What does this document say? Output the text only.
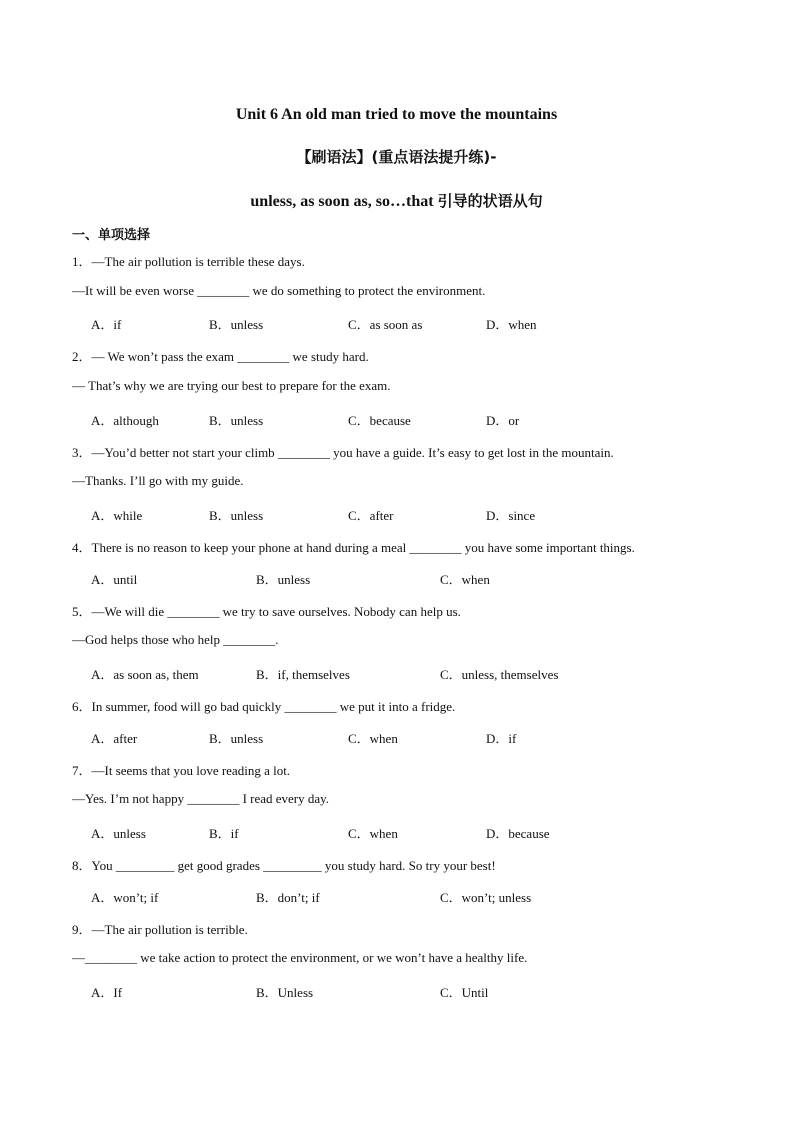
Unit 6 An old man tried to move the mountains
【刷语法】(重点语法提升练)-
unless, as soon as, so…that 引导的状语从句
一、单项选择
1．—The air pollution is terrible these days.
—It will be even worse ________ we do something to protect the environment.
A．if	B．unless	C．as soon as	D．when
2．— We won’t pass the exam ________ we study hard.
— That’s why we are trying our best to prepare for the exam.
A．although	B．unless	C．because	D．or
3．—You’d better not start your climb ________ you have a guide. It’s easy to get lost in the mountain.
—Thanks. I’ll go with my guide.
A．while	B．unless	C．after	D．since
4．There is no reason to keep your phone at hand during a meal ________ you have some important things.
A．until	B．unless	C．when
5．—We will die ________ we try to save ourselves. Nobody can help us.
—God helps those who help ________.
A．as soon as, them	B．if, themselves	C．unless, themselves
6．In summer, food will go bad quickly ________ we put it into a fridge.
A．after	B．unless	C．when	D．if
7．—It seems that you love reading a lot.
—Yes. I’m not happy ________ I read every day.
A．unless	B．if	C．when	D．because
8．You _________ get good grades _________ you study hard. So try your best!
A．won’t; if	B．don’t; if	C．won’t; unless
9．—The air pollution is terrible.
—________ we take action to protect the environment, or we won’t have a healthy life.
A．If	B．Unless	C．Until
